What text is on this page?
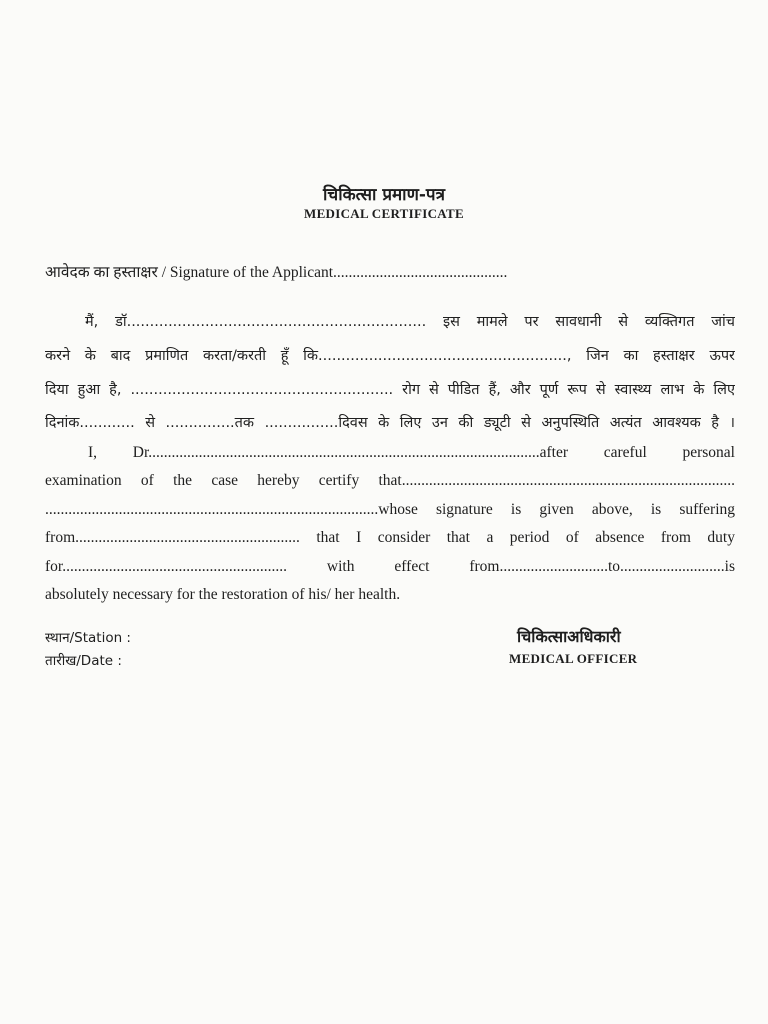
चिकित्सा प्रमाण-पत्र
MEDICAL CERTIFICATE
आवेदक का हस्ताक्षर / Signature of the Applicant.............................................
मैं, डॉ................................................................. इस मामले पर सावधानी से व्यक्तिगत जांच
करने के बाद प्रमाणित करता/करती हूँ कि......................................................, जिन का हस्ताक्षर ऊपर
दिया हुआ है, ......................................................... रोग से पीडित हैं, और पूर्ण रूप से स्वास्थ्य लाभ के लिए
दिनांक............ से ...............तक ................दिवस के लिए उन की ड्यूटी से अनुपस्थिति अत्यंत आवश्यक है ।
I, Dr.....................................................................................................after careful personal
examination of the case hereby certify that......................................................................................
......................................................................................whose signature is given above, is suffering
from.......................................................... that I consider that a period of absence from duty
for.......................................................... with effect from............................to...........................is
absolutely necessary for the restoration of his/ her health.
स्थान/Station :
तारीख/Date :
चिकित्साअधिकारी
MEDICAL OFFICER
